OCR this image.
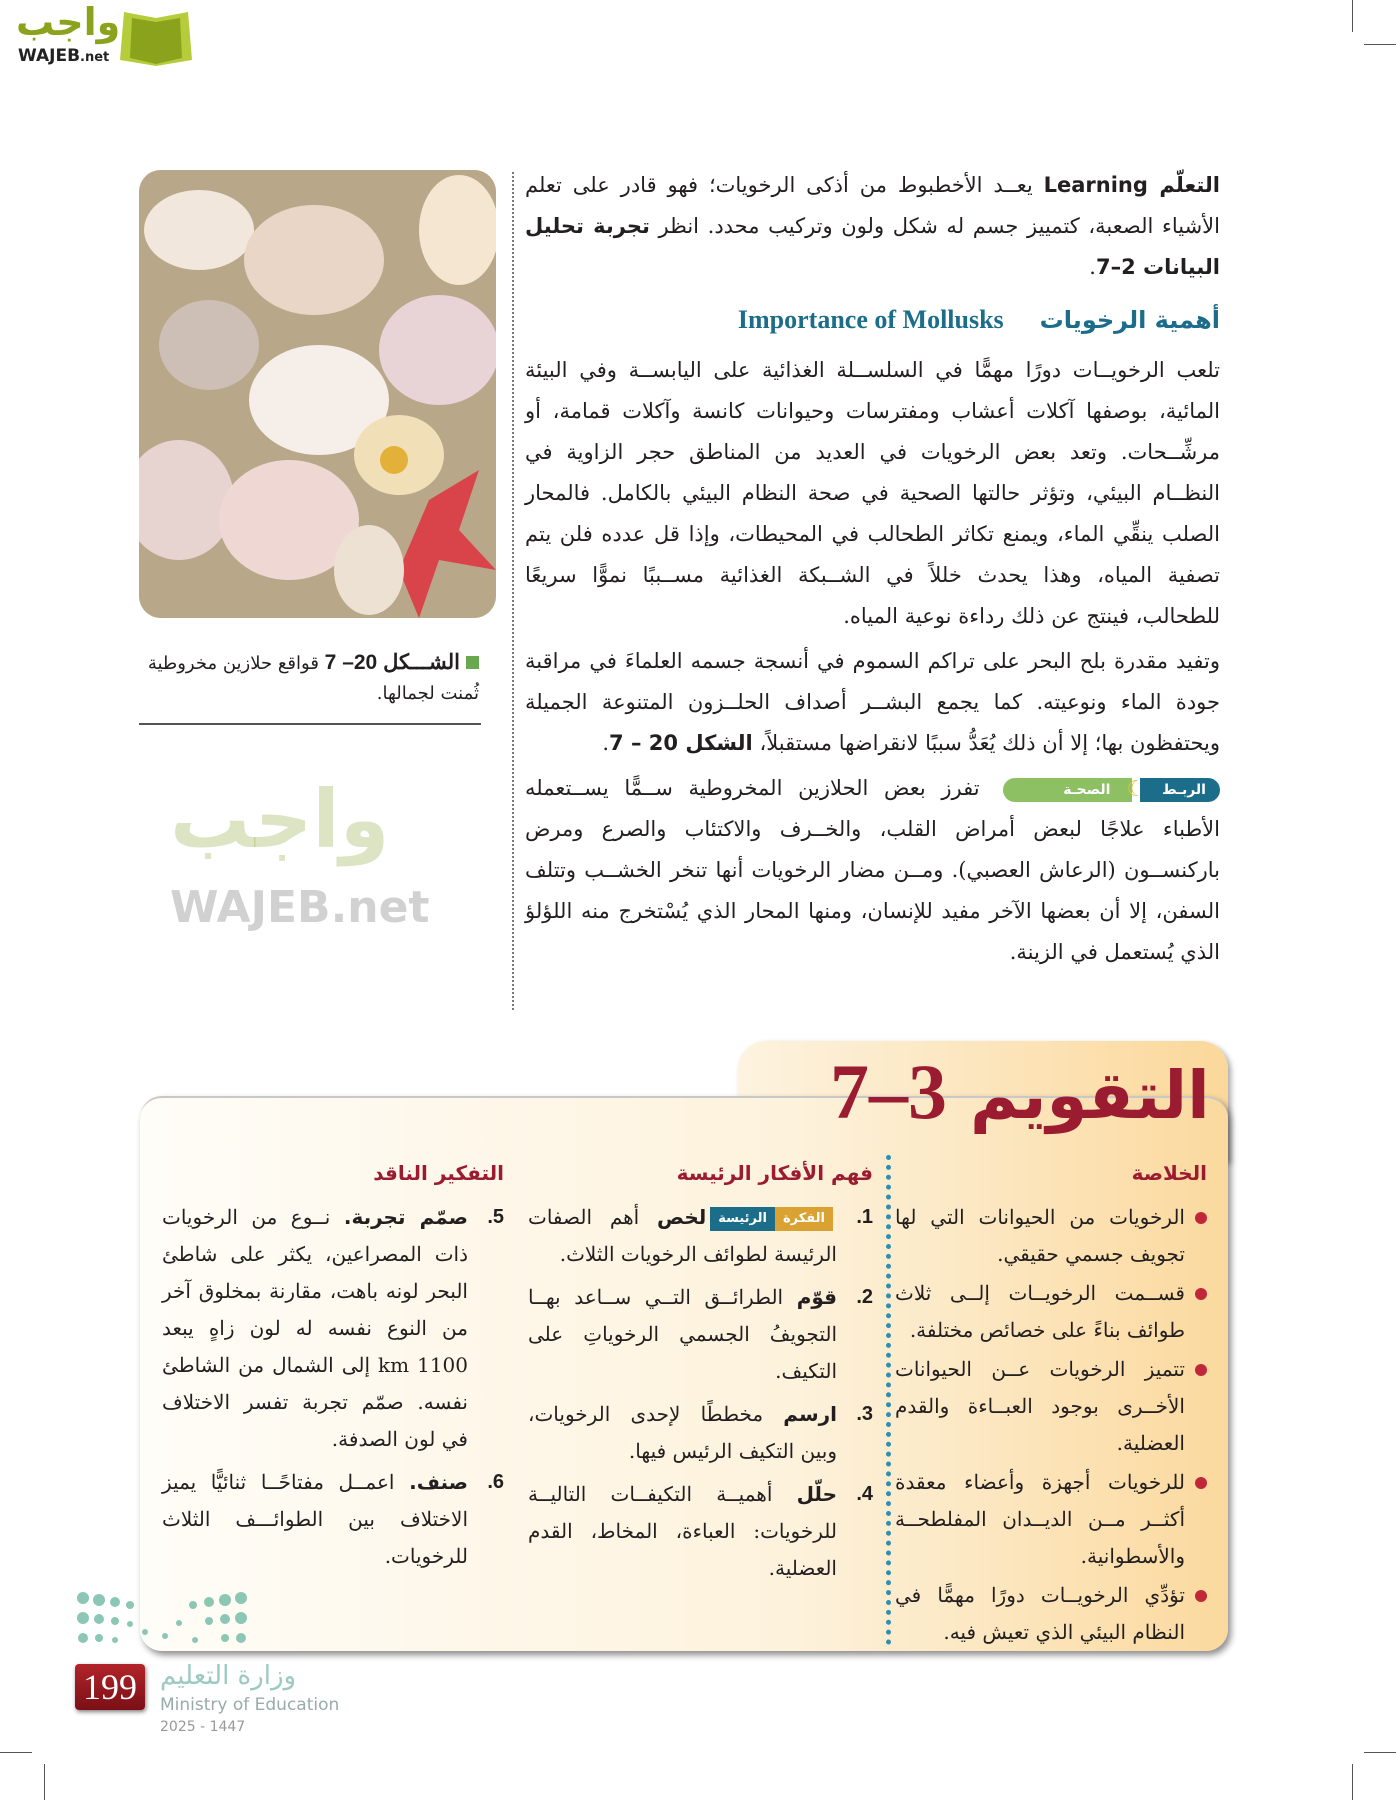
واجب
WAJEB.net
الشـــكل 20– 7 قواقع حلازين مخروطية ثُمنت لجمالها.
واجب
WAJEB.net

التعلّم Learning يعــد الأخطبوط من أذكى الرخويات؛ فهو قادر على تعلم الأشياء الصعبة، كتمييز جسم له شكل ولون وتركيب محدد. انظر تجربة تحليل البيانات 2–7.

أهمية الرخويات
Importance of Mollusks

تلعب الرخويــات دورًا مهمًّا في السلســلة الغذائية على اليابســة وفي البيئة المائية، بوصفها آكلات أعشاب ومفترسات وحيوانات كانسة وآكلات قمامة، أو مرشِّــحات. وتعد بعض الرخويات في العديد من المناطق حجر الزاوية في النظــام البيئي، وتؤثر حالتها الصحية في صحة النظام البيئي بالكامل. فالمحار الصلب ينقِّي الماء، ويمنع تكاثر الطحالب في المحيطات، وإذا قل عدده فلن يتم تصفية المياه، وهذا يحدث خللاً في الشــبكة الغذائية مســببًا نموًّا سريعًا للطحالب، فينتج عن ذلك رداءة نوعية المياه.

وتفيد مقدرة بلح البحر على تراكم السموم في أنسجة جسمه العلماءَ في مراقبة جودة الماء ونوعيته. كما يجمع البشــر أصداف الحلــزون المتنوعة الجميلة ويحتفظون بها؛ إلا أن ذلك يُعَدُّ سببًا لانقراضها مستقبلاً، الشكل 20 – 7.

الربـط
☾
الصحـة
تفرز بعض الحلازين المخروطية ســمًّا يســتعمله الأطباء علاجًا لبعض أمراض القلب، والخــرف والاكتئاب والصرع ومرض باركنســون (الرعاش العصبي). ومــن مضار الرخويات أنها تنخر الخشــب وتتلف السفن، إلا أن بعضها الآخر مفيد للإنسان، ومنها المحار الذي يُسْتخرج منه اللؤلؤ الذي يُستعمل في الزينة.

التقويم 3–7
الخلاصة
الرخويات من الحيوانات التي لها تجويف جسمي حقيقي.
قســمت الرخويــات إلــى ثلاث طوائف بناءً على خصائص مختلفة.
تتميز الرخويات عــن الحيوانات الأخــرى بوجود العبــاءة والقدم العضلية.
للرخويات أجهزة وأعضاء معقدة أكثــر مــن الديــدان المفلطحــة والأسطوانية.
تؤدِّي الرخويــات دورًا مهمًّا في النظام البيئي الذي تعيش فيه.
فهم الأفكار الرئيسة
1.
الفكرة
الرئيسة
لخص أهم الصفات الرئيسة لطوائف الرخويات الثلاث.
2.
قوّم الطرائــق التــي ســاعد بهــا التجويفُ الجسمي الرخوياتِ على التكيف.
3.
ارسم مخططًا لإحدى الرخويات، وبين التكيف الرئيس فيها.
4.
حلّل أهميــة التكيفــات التاليــة للرخويات: العباءة، المخاط، القدم العضلية.
التفكير الناقد
5.
صمّم تجربة. نــوع من الرخويات ذات المصراعين، يكثر على شاطئ البحر لونه باهت، مقارنة بمخلوق آخر من النوع نفسه له لون زاهٍ يبعد 1100 km إلى الشمال من الشاطئ نفسه. صمّم تجربة تفسر الاختلاف في لون الصدفة.
6.
صنف. اعمــل مفتاحًــا ثنائيًّا يميز الاختلاف بين الطوائـــف الثلاث للرخويات.
وزارة التعليم
Ministry of Education
2025 - 1447
199
